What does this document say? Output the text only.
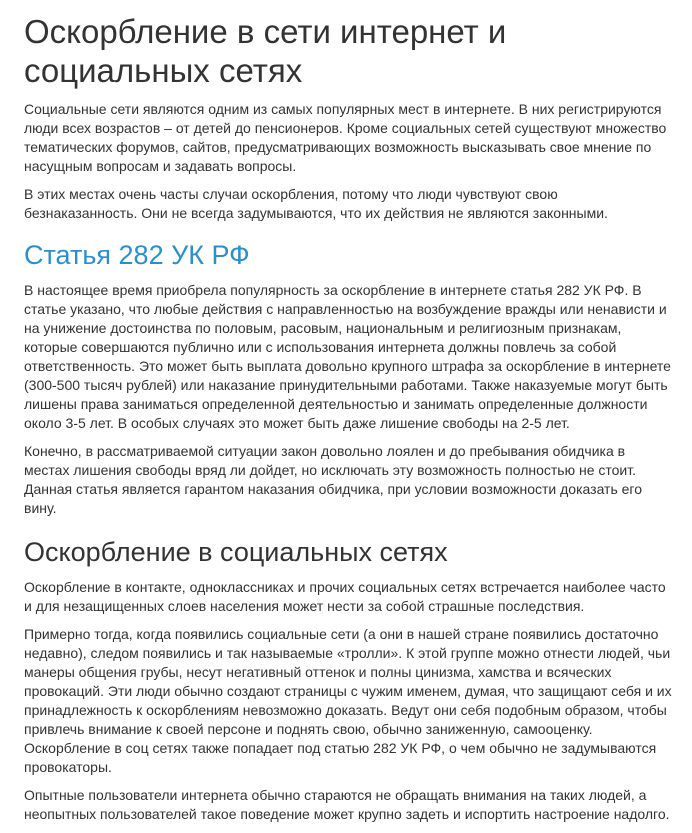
Оскорбление в сети интернет и социальных сетях

Социальные сети являются одним из самых популярных мест в интернете. В них регистрируются люди всех возрастов – от детей до пенсионеров. Кроме социальных сетей существуют множество тематических форумов, сайтов, предусматривающих возможность высказывать свое мнение по насущным вопросам и задавать вопросы.

В этих местах очень часты случаи оскорбления, потому что люди чувствуют свою безнаказанность. Они не всегда задумываются, что их действия не являются законными.

Статья 282 УК РФ

В настоящее время приобрела популярность за оскорбление в интернете статья 282 УК РФ. В статье указано, что любые действия с направленностью на возбуждение вражды или ненависти и на унижение достоинства по половым, расовым, национальным и религиозным признакам, которые совершаются публично или с использования интернета должны повлечь за собой ответственность. Это может быть выплата довольно крупного штрафа за оскорбление в интернете (300-500 тысяч рублей) или наказание принудительными работами. Также наказуемые могут быть лишены права заниматься определенной деятельностью и занимать определенные должности около 3-5 лет. В особых случаях это может быть даже лишение свободы на 2-5 лет.

Конечно, в рассматриваемой ситуации закон довольно лоялен и до пребывания обидчика в местах лишения свободы вряд ли дойдет, но исключать эту возможность полностью не стоит. Данная статья является гарантом наказания обидчика, при условии возможности доказать его вину.

Оскорбление в социальных сетях

Оскорбление в контакте, одноклассниках и прочих социальных сетях встречается наиболее часто и для незащищенных слоев населения может нести за собой страшные последствия.

Примерно тогда, когда появились социальные сети (а они в нашей стране появились достаточно недавно), следом появились и так называемые «тролли». К этой группе можно отнести людей, чьи манеры общения грубы, несут негативный оттенок и полны цинизма, хамства и всяческих провокаций. Эти люди обычно создают страницы с чужим именем, думая, что защищают себя и их принадлежность к оскорблениям невозможно доказать. Ведут они себя подобным образом, чтобы привлечь внимание к своей персоне и поднять свою, обычно заниженную, самооценку. Оскорбление в соц сетях также попадает под статью 282 УК РФ, о чем обычно не задумываются провокаторы.

Опытные пользователи интернета обычно стараются не обращать внимания на таких людей, а неопытных пользователей такое поведение может крупно задеть и испортить настроение надолго.
